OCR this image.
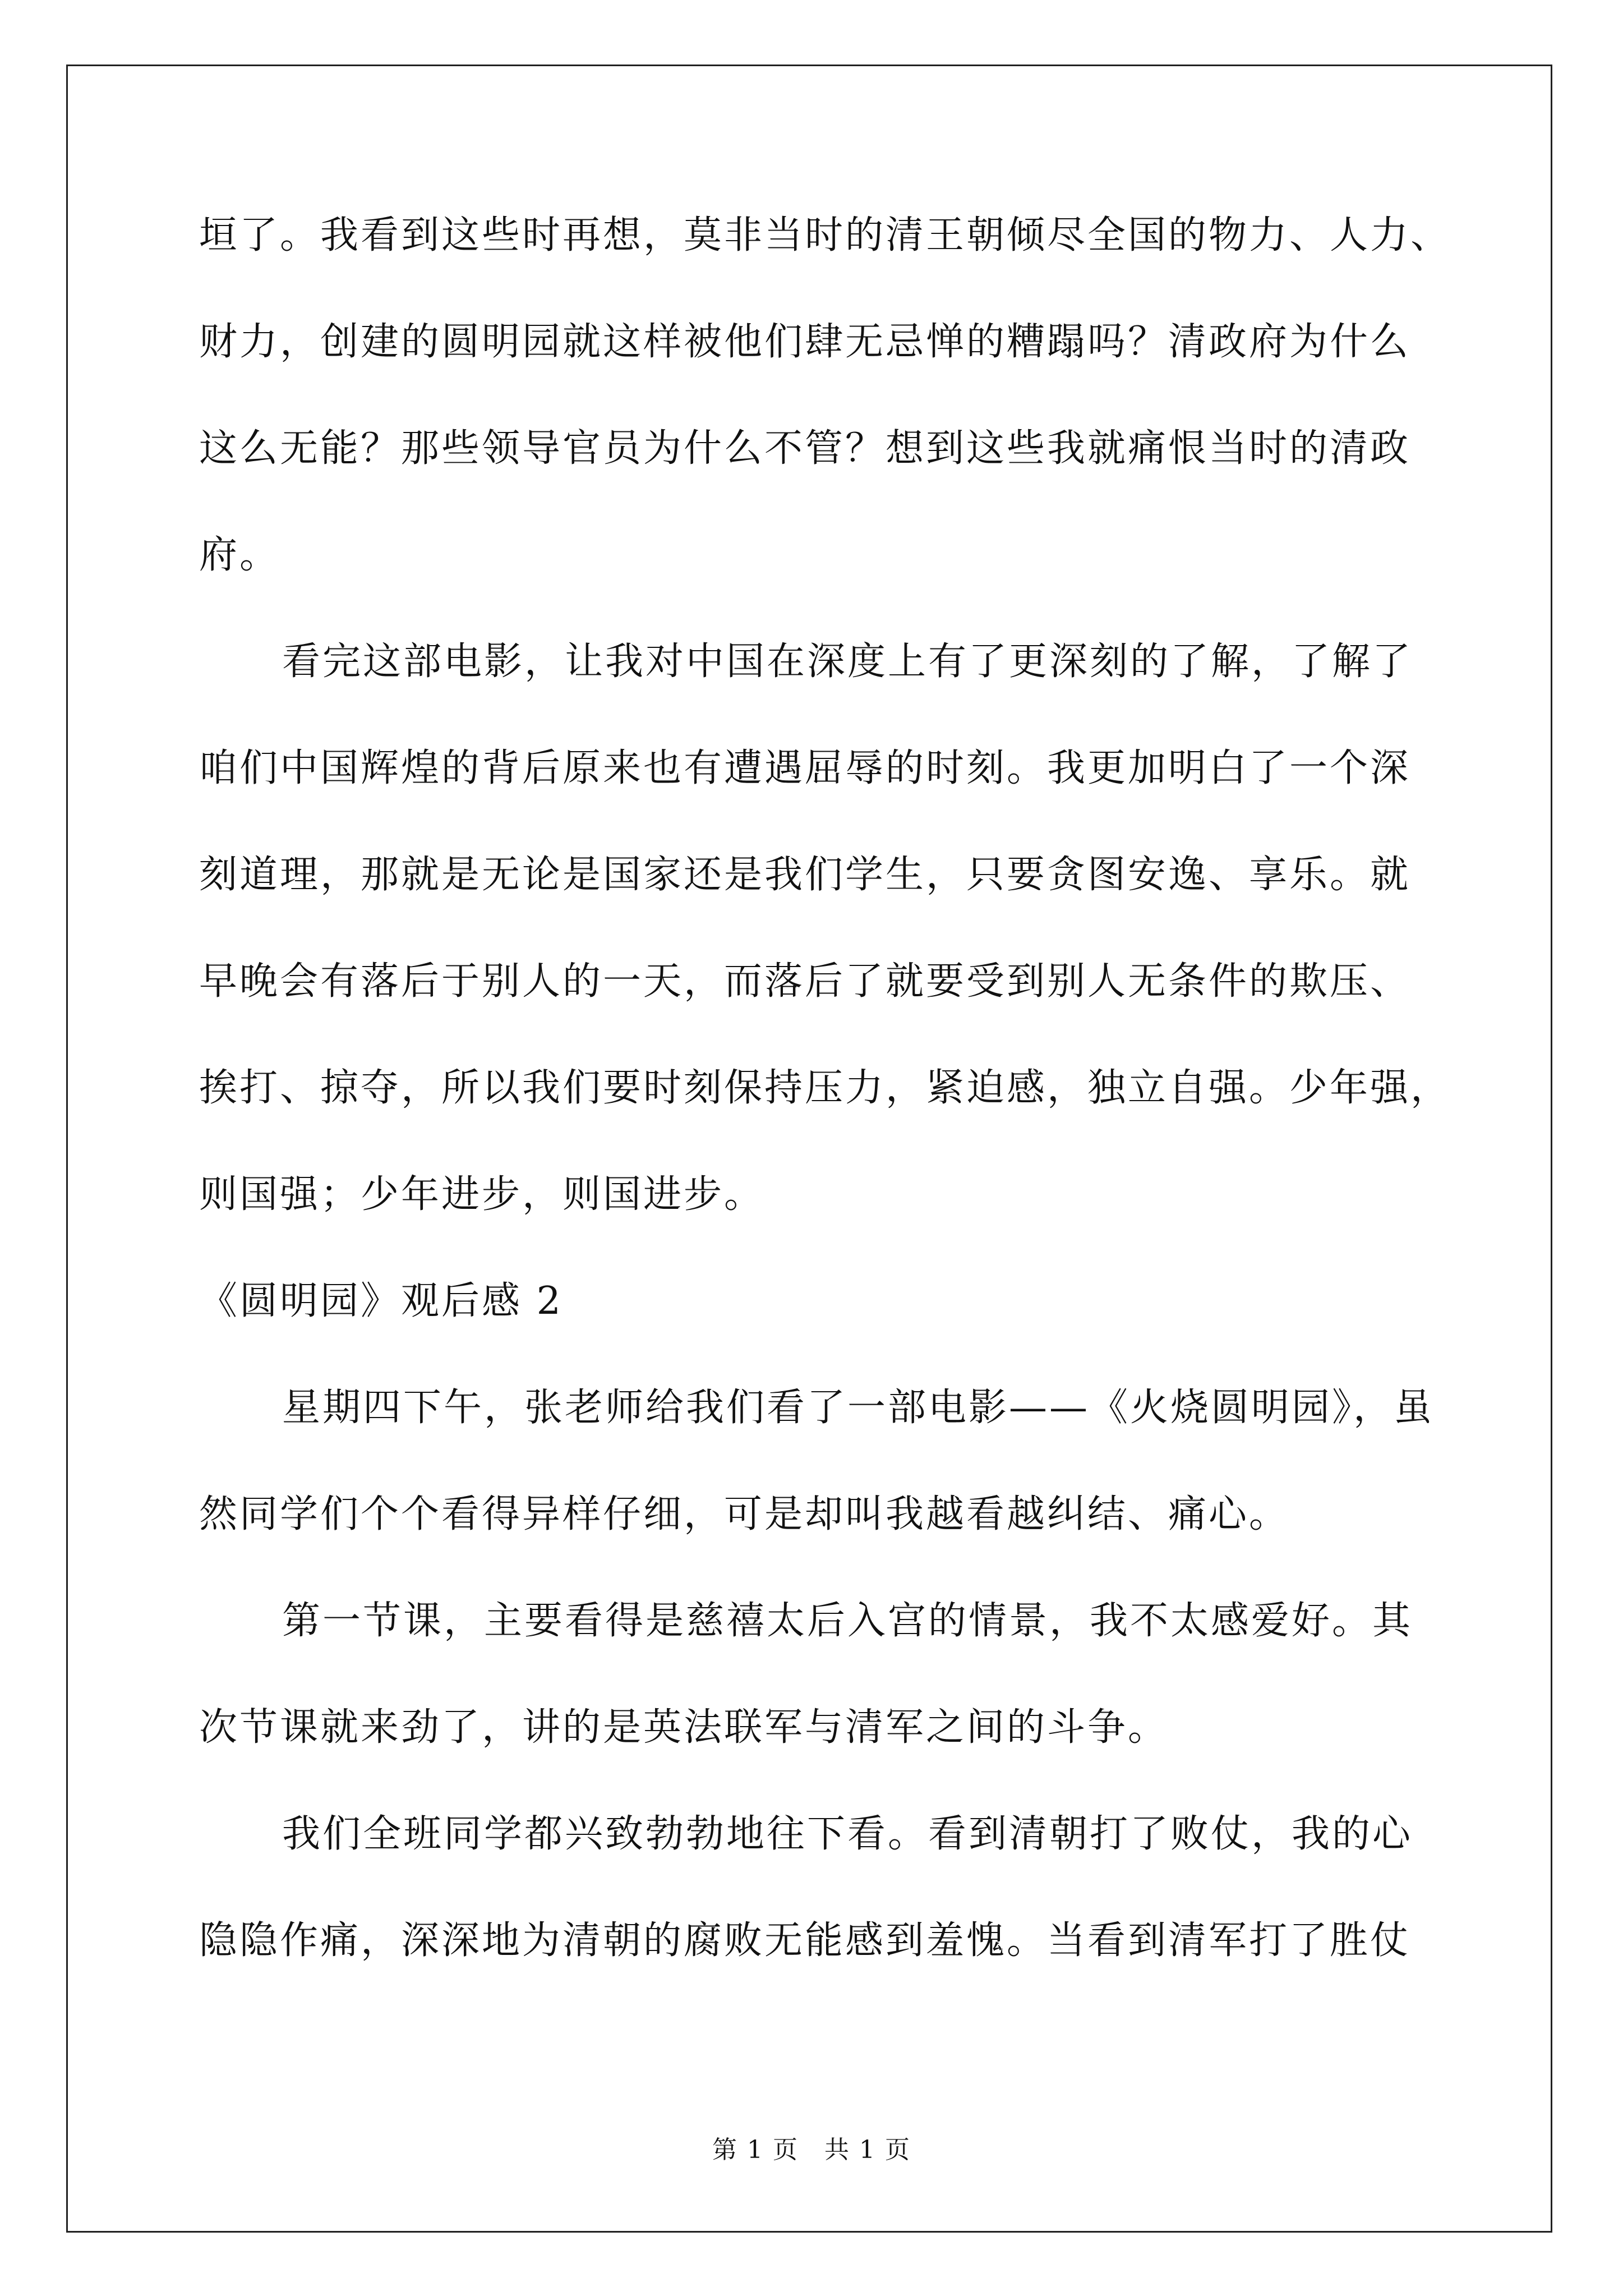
垣了。我看到这些时再想，莫非当时的清王朝倾尽全国的物力、人力、
财力，创建的圆明园就这样被他们肆无忌惮的糟蹋吗？清政府为什么
这么无能？那些领导官员为什么不管？想到这些我就痛恨当时的清政
府。
看完这部电影，让我对中国在深度上有了更深刻的了解，了解了
咱们中国辉煌的背后原来也有遭遇屈辱的时刻。我更加明白了一个深
刻道理，那就是无论是国家还是我们学生，只要贪图安逸、享乐。就
早晚会有落后于别人的一天，而落后了就要受到别人无条件的欺压、
挨打、掠夺，所以我们要时刻保持压力，紧迫感，独立自强。少年强，
则国强；少年进步，则国进步。
《圆明园》观后感 2
星期四下午，张老师给我们看了一部电影——《火烧圆明园》，虽
然同学们个个看得异样仔细，可是却叫我越看越纠结、痛心。
第一节课，主要看得是慈禧太后入宫的情景，我不太感爱好。其
次节课就来劲了，讲的是英法联军与清军之间的斗争。
我们全班同学都兴致勃勃地往下看。看到清朝打了败仗，我的心
隐隐作痛，深深地为清朝的腐败无能感到羞愧。当看到清军打了胜仗
第 1 页　共 1 页
